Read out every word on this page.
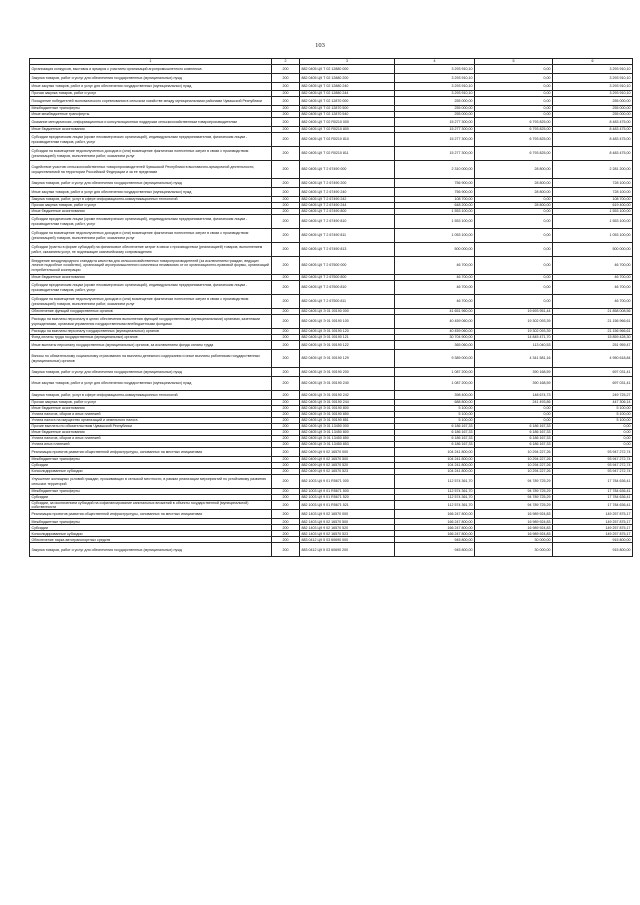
103
1	2	3	4	5	6
Организация конкурсов, выставок и ярмарок с участием организаций агропромышленного комплекса	200	882 0405 Ц9 Т 02 12880 000	3 293 910,10	0,00	3 293 910,10
Закупка товаров, работ и услуг для обеспечения государственных (муниципальных) нужд	200	882 0405 Ц9 Т 02 12880 200	3 293 910,10	0,00	3 293 910,10
Иные закупки товаров, работ и услуг для обеспечения государственных (муниципальных) нужд	200	882 0405 Ц9 Т 02 12880 240	3 293 910,10	0,00	3 293 910,10
Прочая закупка товаров, работ и услуг	200	882 0405 Ц9 Т 02 12880 244	3 293 910,10	0,00	3 293 910,10
Поощрение победителей экономического соревнования в сельском хозяйстве между муниципальными районами Чувашской Республики	200	882 0405 Ц9 Т 02 12870 000	255 000,00	0,00	255 000,00
Межбюджетные трансферты	200	882 0405 Ц9 Т 02 12870 500	255 000,00	0,00	255 000,00
Иные межбюджетные трансферты	200	882 0405 Ц9 Т 02 12870 540	255 000,00	0,00	255 000,00
Оказание методических, информационных и консультационных поддержки сельскохозяйственным товаропроизводителям	200	882 0405 Ц9 Т 02 R0210 000	15 277 300,00	6 793 825,00	8 483 475,00
Иные бюджетные ассигнования	200	882 0405 Ц9 Т 02 R0210 800	15 277 300,00	6 793 825,00	8 483 475,00
Субсидии юридическим лицам (кроме некоммерческих организаций), индивидуальным предпринимателям, физическим лицам - производителям товаров, работ, услуг	200	882 0405 Ц9 Т 02 R0210 810	15 277 300,00	6 793 825,00	8 483 475,00
Субсидии на возмещение недополученных доходов и (или) возмещение фактически понесенных затрат в связи с производством (реализацией) товаров, выполнением работ, оказанием услуг	200	882 0405 Ц9 Т 02 R0210 811	15 277 300,00	6 793 825,00	8 483 475,00
Содействие участию сельскохозяйственных товаропроизводителей Чувашской Республики в выставочно-ярмарочной деятельности, осуществляемой на территории Российской Федерации и за ее пределами	200	882 0405 Ц9 Т 2 67490 000	2 310 000,00	28 800,00	2 281 200,00
Закупка товаров, работ и услуг для обеспечения государственных (муниципальных) нужд	200	882 0405 Ц9 Т 2 67490 200	756 900,00	28 800,00	728 100,00
Иные закупки товаров, работ и услуг для обеспечения государственных (муниципальных) нужд	200	882 0405 Ц9 Т 2 67490 240	756 900,00	28 800,00	728 100,00
Закупка товаров, работ, услуг в сфере информационно-коммуникационных технологий	200	882 0405 Ц9 Т 2 67490 242	108 700,00	0,00	108 700,00
Прочая закупка товаров, работ и услуг	200	882 0405 Ц9 Т 2 67490 244	648 200,00	28 800,00	619 400,00
Иные бюджетные ассигнования	200	882 0405 Ц9 Т 2 67490 800	1 553 100,00	0,00	1 553 100,00
Субсидии юридическим лицам (кроме некоммерческих организаций), индивидуальным предпринимателям, физическим лицам - производителям товаров, работ, услуг	200	882 0405 Ц9 Т 2 67490 810	1 553 100,00	0,00	1 553 100,00
Субсидии на возмещение недополученных доходов и (или) возмещение фактически понесенных затрат в связи с производством (реализацией) товаров, выполнением работ, оказанием услуг	200	882 0405 Ц9 Т 2 67490 811	1 053 100,00	0,00	1 053 100,00
Субсидии (гранты в форме субсидий) на финансовое обеспечение затрат в связи с производством (реализацией) товаров, выполнением работ, оказанием услуг, не подлежащие казначейскому сопровождению	200	882 0405 Ц9 Т 2 67490 813	500 000,00	0,00	500 000,00
Внедрение международного стандарта качества для сельскохозяйственных товаропроизводителей (за исключением граждан, ведущих личное подсобное хозяйство), организаций агропромышленного комплекса независимо от их организационно-правовой формы, организаций потребительской кооперации	200	882 0405 Ц9 Т 2 67500 000	46 700,00	0,00	46 700,00
Иные бюджетные ассигнования	200	882 0405 Ц9 Т 2 67500 800	46 700,00	0,00	46 700,00
Субсидии юридическим лицам (кроме некоммерческих организаций), индивидуальным предпринимателям, физическим лицам - производителям товаров, работ, услуг	200	882 0405 Ц9 Т 2 67500 810	46 700,00	0,00	46 700,00
Субсидии на возмещение недополученных доходов и (или) возмещение фактически понесенных затрат в связи с производством (реализацией) товаров, выполнением работ, оказанием услуг	200	882 0405 Ц9 Т 2 67500 811	46 700,00	0,00	46 700,00
Обеспечение функций государственных органов	200	882 0405 Ц9 Э 01 00190 000	41 651 960,00	19 693 951,44	21 858 008,56
Расходы на выплаты персоналу в целях обеспечения выполнения функций государственными (муниципальными) органами, казенными учреждениями, органами управления государственными внебюджетными фондами	200	882 0405 Ц9 Э 01 00190 100	40 459 060,00	19 302 093,39	21 156 966,61
Расходы на выплаты персоналу государственных (муниципальных) органов	200	882 0405 Ц9 Э 01 00190 120	40 459 060,00	19 302 093,39	21 156 966,61
Фонд оплаты труда государственных (муниципальных) органов	200	882 0405 Ц9 Э 01 00190 121	30 704 900,00	14 845 471,70	15 859 428,30
Иные выплаты персоналу государственных (муниципальных) органов, за исключением фонда оплаты труда	200	882 0405 Ц9 Э 01 00190 122	365 060,00	113 040,53	251 959,47
Взносы по обязательному социальному страхованию на выплаты денежного содержания и иные выплаты работникам государственных (муниципальных) органов	200	882 0405 Ц9 Э 01 00190 129	9 389 000,00	4 341 581,16	4 950 618,84
Закупка товаров, работ и услуг для обеспечения государственных (муниципальных) нужд	200	882 0405 Ц9 Э 01 00190 200	1 087 200,00	390 168,59	697 031,41
Иные закупки товаров, работ и услуг для обеспечения государственных (муниципальных) нужд	200	882 0405 Ц9 Э 01 00190 240	1 087 200,00	390 168,59	697 031,41
Закупка товаров, работ, услуг в сфере информационно-коммуникационных технологий	200	882 0405 Ц9 Э 01 00190 242	398 400,00	148 674,73	249 725,27
Прочая закупка товаров, работ и услуг	200	882 0405 Ц9 Э 01 00190 244	688 800,00	241 493,86	447 306,14
Иные бюджетные ассигнования	200	882 0405 Ц9 Э 01 00190 800	5 100,00	0,00	5 100,00
Уплата налогов, сборов и иных платежей	200	882 0405 Ц9 Э 01 00190 850	5 100,00	0,00	5 100,00
Уплата налога на имущество организаций и земельного налога	200	882 0405 Ц9 Э 01 00190 851	5 100,00	0,00	5 100,00
Прочие выплаты по обязательствам Чувашской Республики	200	882 0405 Ц9 Э 01 13450 000	6 186 167,33	6 186 167,33	0,00
Иные бюджетные ассигнования	200	882 0405 Ц9 Э 01 13450 800	6 186 167,33	6 186 167,33	0,00
Уплата налогов, сборов и иных платежей	200	882 0405 Ц9 Э 01 13450 850	6 186 167,33	6 186 167,33	0,00
Уплата иных платежей	200	882 0405 Ц9 Э 01 13450 853	6 186 167,33	6 186 167,33	0,00
Реализация проектов развития общественной инфраструктуры, основанных на местных инициативах	200	882 0409 Ц9 9 02 16570 000	104 241 800,00	10 294 227,26	93 947 272,74
Межбюджетные трансферты	200	882 0409 Ц9 9 02 16570 500	104 241 800,00	10 294 227,26	93 947 272,74
Субсидии	200	882 0409 Ц9 9 02 16570 520	104 241 800,00	10 294 227,26	93 947 272,74
Консолидированные субсидии	200	882 0409 Ц9 9 02 16570 523	104 241 800,00	10 294 227,26	93 947 272,74
Улучшение жилищных условий граждан, проживающих в сельской местности, в рамках реализации мероприятий по устойчивому развитию сельских территорий	200	882 1003 Ц9 9 01 R5671 000	112 574 361,70	94 789 725,29	17 784 636,41
Межбюджетные трансферты	200	882 1003 Ц9 9 01 R5671 500	112 574 361,70	94 789 725,29	17 784 636,41
Субсидии	200	882 1003 Ц9 9 01 R5671 520	112 574 361,70	94 789 725,29	17 784 636,41
Субсидии, за исключением субсидий на софинансирование капитальных вложений в объекты государственной (муниципальной) собственности	200	882 1003 Ц9 9 01 R5671 521	112 574 361,70	94 789 725,29	17 784 636,41
Реализация проектов развития общественной инфраструктуры, основанных на местных инициативах	200	882 1403 Ц9 9 02 16570 000	166 247 800,00	16 989 924,83	149 257 875,17
Межбюджетные трансферты	200	882 1403 Ц9 9 02 16570 500	166 247 800,00	16 989 924,83	149 257 875,17
Субсидии	200	882 1403 Ц9 9 02 16570 520	166 247 800,00	16 989 924,83	149 257 875,17
Консолидированные субсидии	200	882 1403 Ц9 9 02 16570 523	166 247 800,00	16 989 924,83	149 257 875,17
Обеспечение парка автотранспортных средств	200	883 0412 Ц9 5 03 60690 000	945 800,00	30 000,00	915 800,00
Закупка товаров, работ и услуг для обеспечения государственных (муниципальных) нужд	200	883 0412 Ц9 5 03 60690 200	945 800,00	30 000,00	915 800,00
